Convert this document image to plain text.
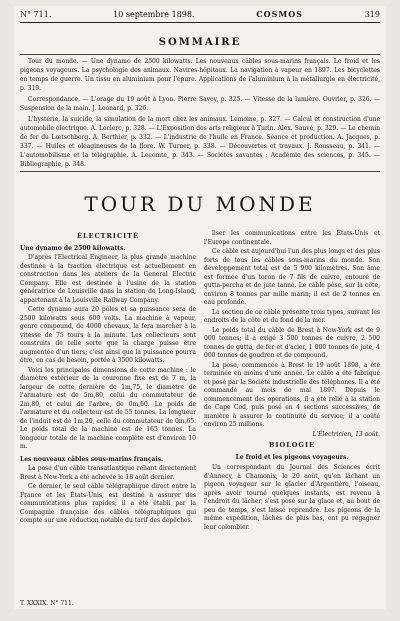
N° 711.	10 septembre 1898.	COSMOS	319
SOMMAIRE

Tour du monde. — Une dynamo de 2500 kilowatts. Les nouveaux câbles sous-marins français. Le froid et les pigeons voyageurs. La psychologie des animaux. Navires-hôpitaux. La navigation à vapeur en 1897. Les bicyclettes en temps de guerre. Un tissu en aluminium pour l'épure. Applications de l'aluminium à la métallurgie en électricité, p. 319.

Correspondance. — L'orage du 19 août à Lyon. Pierre Savoy, p. 325. — Vitesse de la lumière. Ouvrier, p. 326. — Suspension de la main. J. Leonard, p. 326.

L'hystérie, la suicide, la simulation de la mort chez les animaux. Lemoine, p. 327. — Calcul et construction d'une automobile électrique. A. Leclerc, p. 328. — L'Exposition des arts religieux à Turin. Alex. Sauvé, p. 329. — Le chemin de fer du Lœtschberg. A. Berthier, p. 332. — L'industrie de l'huile en France. Séance et production. A. Jacques, p. 337. — Huiles et oléagineuses de la flore. W. Turner, p. 338. — Découvertes et travaux. J. Rousseau, p. 341. — L'automobilisme et la télégraphie. A. Lecomte, p. 343. — Sociétés savantes : Académie des sciences, p. 345. — Bibliographie, p. 348.

TOUR DU MONDE

ÉLECTRICITÉ

Une dynamo de 2500 kilowatts.

D'après l'Electrical Engineer, la plus grande machine destinée à la traction électrique est actuellement en construction dans les ateliers de la General Electric Company. Elle est destinée à l'usine de la station génératrice de Louisville dans la station de Long-Island, appartenant à la Louisville Railway Company.

Cette dynamo aura 20 pôles et sa puissance sera de 2500 kilowatts sous 600 volts. La machine à vapeur, genre compound, de 4000 chevaux, la fera marcher à la vitesse de 75 tours à la minute. Les collecteurs sont construits de telle sorte que la charge puisse être augmentée d'un tiers; c'est ainsi que la puissance pourra être, en cas de besoin, portée à 3500 kilowatts.

Voici les principales dimensions de cette machine : le diamètre extérieur de la couronne fixe est de 7 m, la largeur de cette dernière de 1m,75, le diamètre de l'armature est de 5m,80, celui du commutateur de 2m,80, et celui de l'arbre, de 0m,60. Le poids de l'armature et du collecteur est de 55 tonnes. La longueur de l'induit est de 1m,20, celle du commutateur de 0m,65. Le poids total de la machine est de 165 tonnes. La longueur totale de la machine complète est d'environ 10 m.

Les nouveaux câbles sous-marins français.

La pose d'un câble transatlantique reliant directement Brest à New-York a été achevée le 18 août dernier.

Ce dernier, le seul câble télégraphique direct entre la France et les États-Unis, est destiné à assurer des communications plus rapides; il a été établi par la Compagnie française des câbles télégraphiques qui compte sur une réduction notable du tarif des dépêches.

liser les communications entre les États-Unis et l'Europe continentale.

Ce câble est aujourd'hui l'un des plus longs et des plus forts de tous les câbles sous-marins du monde. Son développement total est de 5 900 kilomètres. Son âme est formée d'un toron de 7 fils de cuivre, entouré de gutta-percha et de jute tanné. Le câble pèse, sur la côte, environ 8 tonnes par mille marin; il est de 2 tonnes en eau profonde.

La section de ce câble présente trois types, suivant les endroits de la côte et du fond de la mer.

Le poids total du câble de Brest à New-York est de 9 000 tonnes; il a exigé 3 500 tonnes de cuivre, 2 500 tonnes de gutta, de fer et d'acier, 1 000 tonnes de jute, 4 000 tonnes de goudron et de compound.

La pose, commencée à Brest le 19 août 1898, a été terminée en moins d'une année. Le câble a été fabriqué et posé par la Société industrielle des téléphones. Il a été commandé au mois de mai 1897. Depuis le commencement des opérations, il a été relié à la station de Cape Cod, puis posé en 4 sections successives, de manière à assurer la continuité du service; il a coûté environ 25 millions.

L'Électricien, 13 août.

BIOLOGIE

Le froid et les pigeons voyageurs.

Un correspondant du Journal des Sciences écrit d'Annecy, à Chamonix, le 20 août, qu'en lâchant un pigeon voyageur sur le glacier d'Argentière, l'oiseau, après avoir tourné quelques instants, est revenu à l'endroit du lâcher, s'est posé sur la glace et, au bout de peu de temps, s'est laissé reprendre. Les pigeons de la même expédition, lâchés de plus bas, ont pu regagner leur colombier.

T. XXXIX. N° 711.
